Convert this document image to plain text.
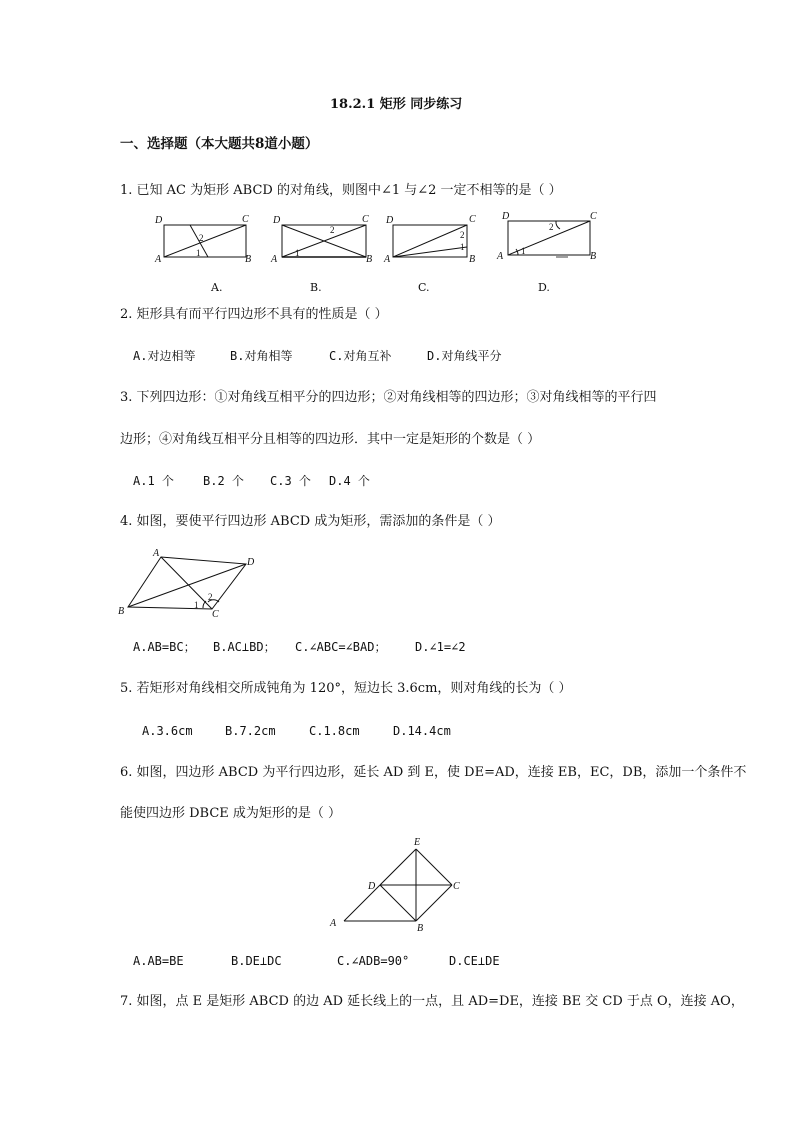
18.2.1 矩形 同步练习
一、选择题（本大题共8道小题）
1. 已知 AC 为矩形 ABCD 的对角线，则图中∠1 与∠2 一定不相等的是（ ）
D	C
A	B
2
1
A.
D	C
A	B
2
1
B.
D	C
A	B
2
1
C.
D	C
A	B
2
1
D.
2. 矩形具有而平行四边形不具有的性质是（ ）
A.对边相等	B.对角相等	C.对角互补	D.对角线平分
3. 下列四边形：①对角线互相平分的四边形；②对角线相等的四边形；③对角线相等的平行四
边形；④对角线互相平分且相等的四边形．其中一定是矩形的个数是（ ）
A.1 个 B.2 个 C.3 个 D.4 个
4. 如图，要使平行四边形 ABCD 成为矩形，需添加的条件是（ ）
A
D
B	C
1
2
A.AB=BC； B.AC⊥BD； C.∠ABC=∠BAD； D.∠1=∠2
5. 若矩形对角线相交所成钝角为 120°，短边长 3.6cm，则对角线的长为（ ）
A.3.6cm	B.7.2cm	C.1.8cm	D.14.4cm
6. 如图，四边形 ABCD 为平行四边形，延长 AD 到 E，使 DE=AD，连接 EB，EC，DB，添加一个条件不
能使四边形 DBCE 成为矩形的是（ ）
E
D	C
A	B
A.AB=BE	B.DE⊥DC	C.∠ADB=90°	D.CE⊥DE
7. 如图，点 E 是矩形 ABCD 的边 AD 延长线上的一点，且 AD=DE，连接 BE 交 CD 于点 O，连接 AO，
